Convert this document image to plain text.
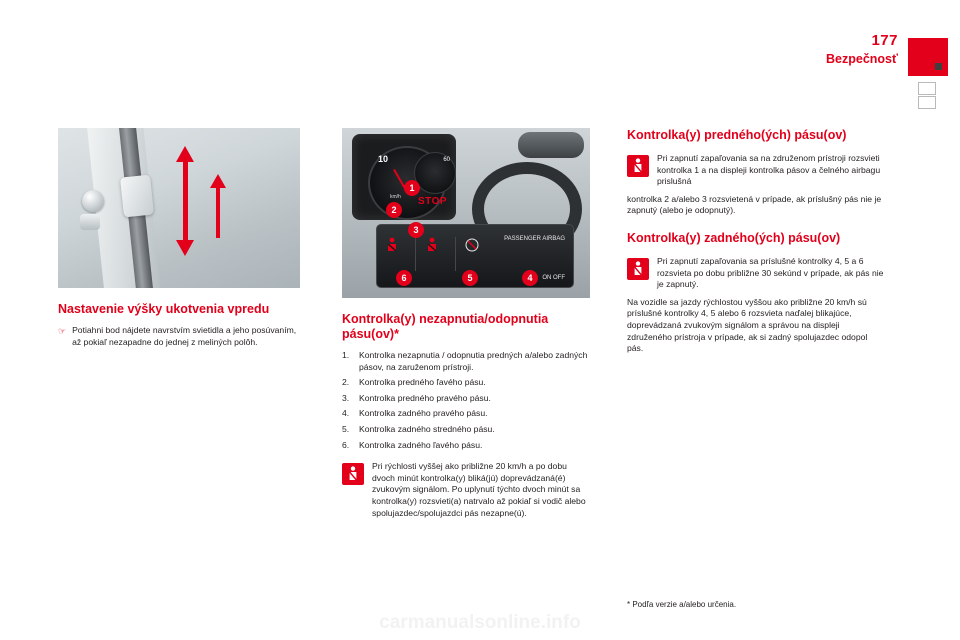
177
Bezpečnosť
Nastavenie výšky ukotvenia vpredu
☞ Potiahni bod nájdete navrstvím svietidla a jeho posúvaním, až pokiaľ nezapadne do jednej z meliných polôh.

10
km/h
60
STOP
PASSENGER AIRBAG
ON OFF
1
2
3
4
5
6
Kontrolka(y) nezapnutia/odopnutia pásu(ov)*
1.	Kontrolka nezapnutia / odopnutia predných a/alebo zadných pásov, na zaruženom prístroji.
2.	Kontrolka predného ľavého pásu.
3.	Kontrolka predného pravého pásu.
4.	Kontrolka zadného pravého pásu.
5.	Kontrolka zadného stredného pásu.
6.	Kontrolka zadného ľavého pásu.

Pri rýchlosti vyššej ako približne 20 km/h a po dobu dvoch minút kontrolka(y) bliká(jú) doprevádzaná(é) zvukovým signálom. Po uplynutí týchto dvoch minút sa kontrolka(y) rozsvieti(a) natrvalo až pokiaľ si vodič alebo spolujazdec/spolujazdci pás nezapne(ú).

Kontrolka(y) predného(ých) pásu(ov)

Pri zapnutí zapaľovania sa na združenom prístroji rozsvieti kontrolka 1 a na displeji kontrolka pásov a čelného airbagu prislušná

kontrolka 2 a/alebo 3 rozsvietená v prípade, ak príslušný pás nie je zapnutý (alebo je odopnutý).

Kontrolka(y) zadného(ých) pásu(ov)

Pri zapnutí zapaľovania sa príslušné kontrolky 4, 5 a 6 rozsvieta po dobu približne 30 sekúnd v prípade, ak pás nie je zapnutý.

Na vozidle sa jazdy rýchlostou vyššou ako približne 20 km/h sú príslušné kontrolky 4, 5 alebo 6 rozsvieta naďalej blikajúce, doprevádzaná zvukovým signálom a správou na displeji združeného prístroja v prípade, ak si zadný spolujazdec odopol pás.

* Podľa verzie a/alebo určenia.
carmanualsonline.info
